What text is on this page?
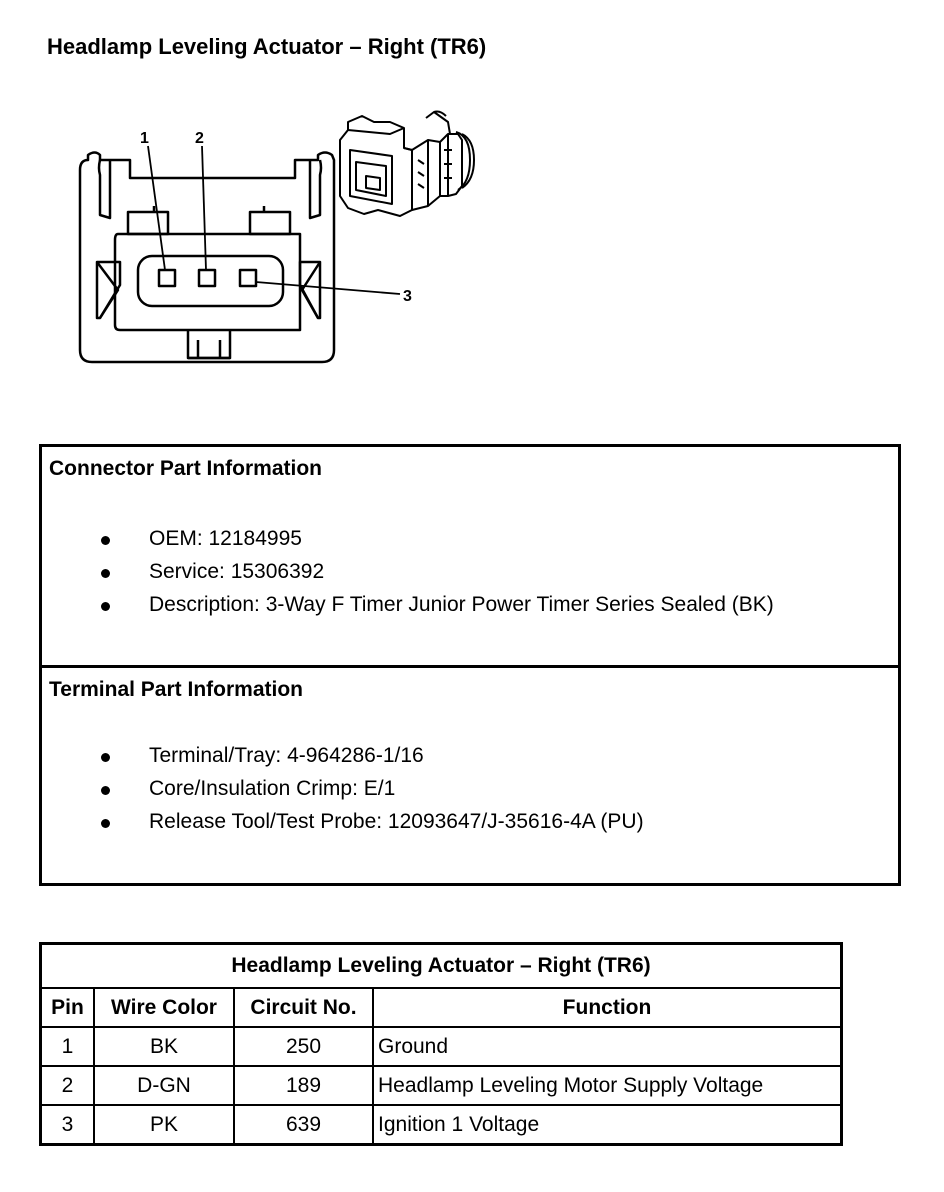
Headlamp Leveling Actuator – Right (TR6)
1	2
3
Connector Part Information
OEM: 12184995
Service: 15306392
Description: 3-Way F Timer Junior Power Timer Series Sealed (BK)
Terminal Part Information
Terminal/Tray: 4-964286-1/16
Core/Insulation Crimp: E/1
Release Tool/Test Probe: 12093647/J-35616-4A (PU)
Headlamp Leveling Actuator – Right (TR6)			
Pin	Wire Color	Circuit No.	Function
1	BK	250	Ground
2	D-GN	189	Headlamp Leveling Motor Supply Voltage
3	PK	639	Ignition 1 Voltage
